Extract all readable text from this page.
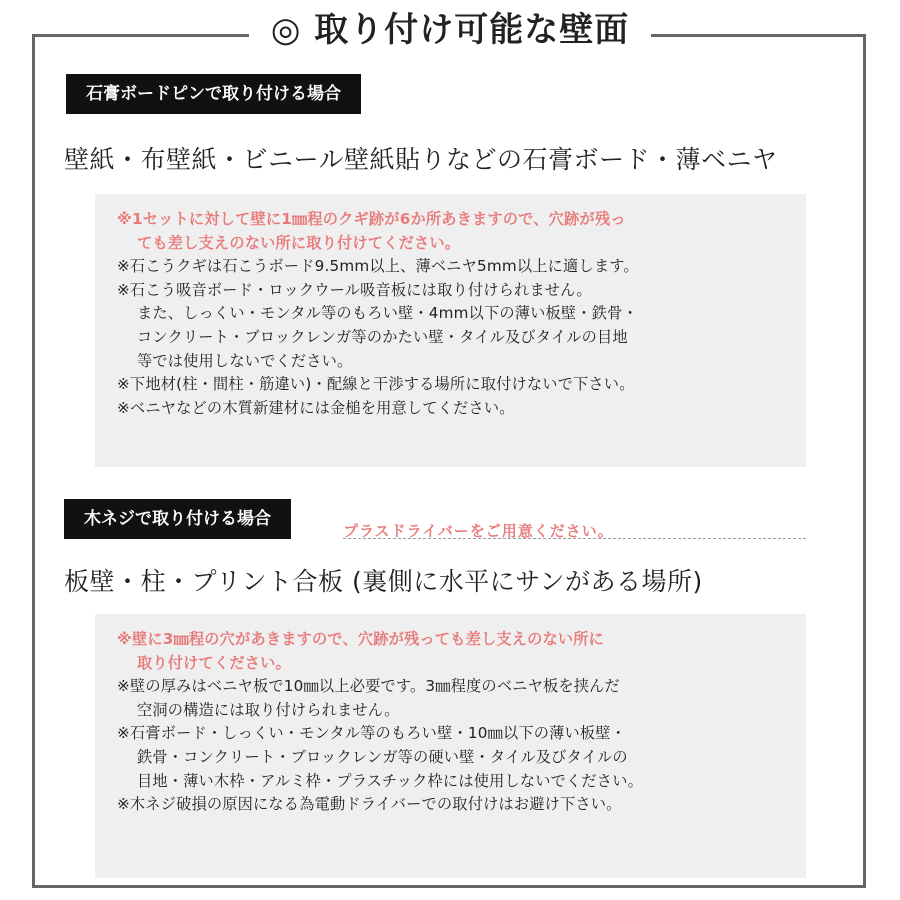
◎ 取り付け可能な壁面
石膏ボードピンで取り付ける場合
壁紙・布壁紙・ビニール壁紙貼りなどの石膏ボード・薄ベニヤ
※1セットに対して壁に1㎜程のクギ跡が6か所あきますので、穴跡が残っ
ても差し支えのない所に取り付けてください。
※石こうクギは石こうボード9.5mm以上、薄ベニヤ5mm以上に適します。
※石こう吸音ボード・ロックウール吸音板には取り付けられません。
また、しっくい・モンタル等のもろい壁・4mm以下の薄い板壁・鉄骨・
コンクリート・ブロックレンガ等のかたい壁・タイル及びタイルの目地
等では使用しないでください。
※下地材(柱・間柱・筋違い)・配線と干渉する場所に取付けないで下さい。
※ベニヤなどの木質新建材には金槌を用意してください。
木ネジで取り付ける場合
プラスドライバーをご用意ください。
板壁・柱・プリント合板 (裏側に水平にサンがある場所)
※壁に3㎜程の穴があきますので、穴跡が残っても差し支えのない所に
取り付けてください。
※壁の厚みはベニヤ板で10㎜以上必要です。3㎜程度のベニヤ板を挟んだ
空洞の構造には取り付けられません。
※石膏ボード・しっくい・モンタル等のもろい壁・10㎜以下の薄い板壁・
鉄骨・コンクリート・ブロックレンガ等の硬い壁・タイル及びタイルの
目地・薄い木枠・アルミ枠・プラスチック枠には使用しないでください。
※木ネジ破損の原因になる為電動ドライバーでの取付けはお避け下さい。
